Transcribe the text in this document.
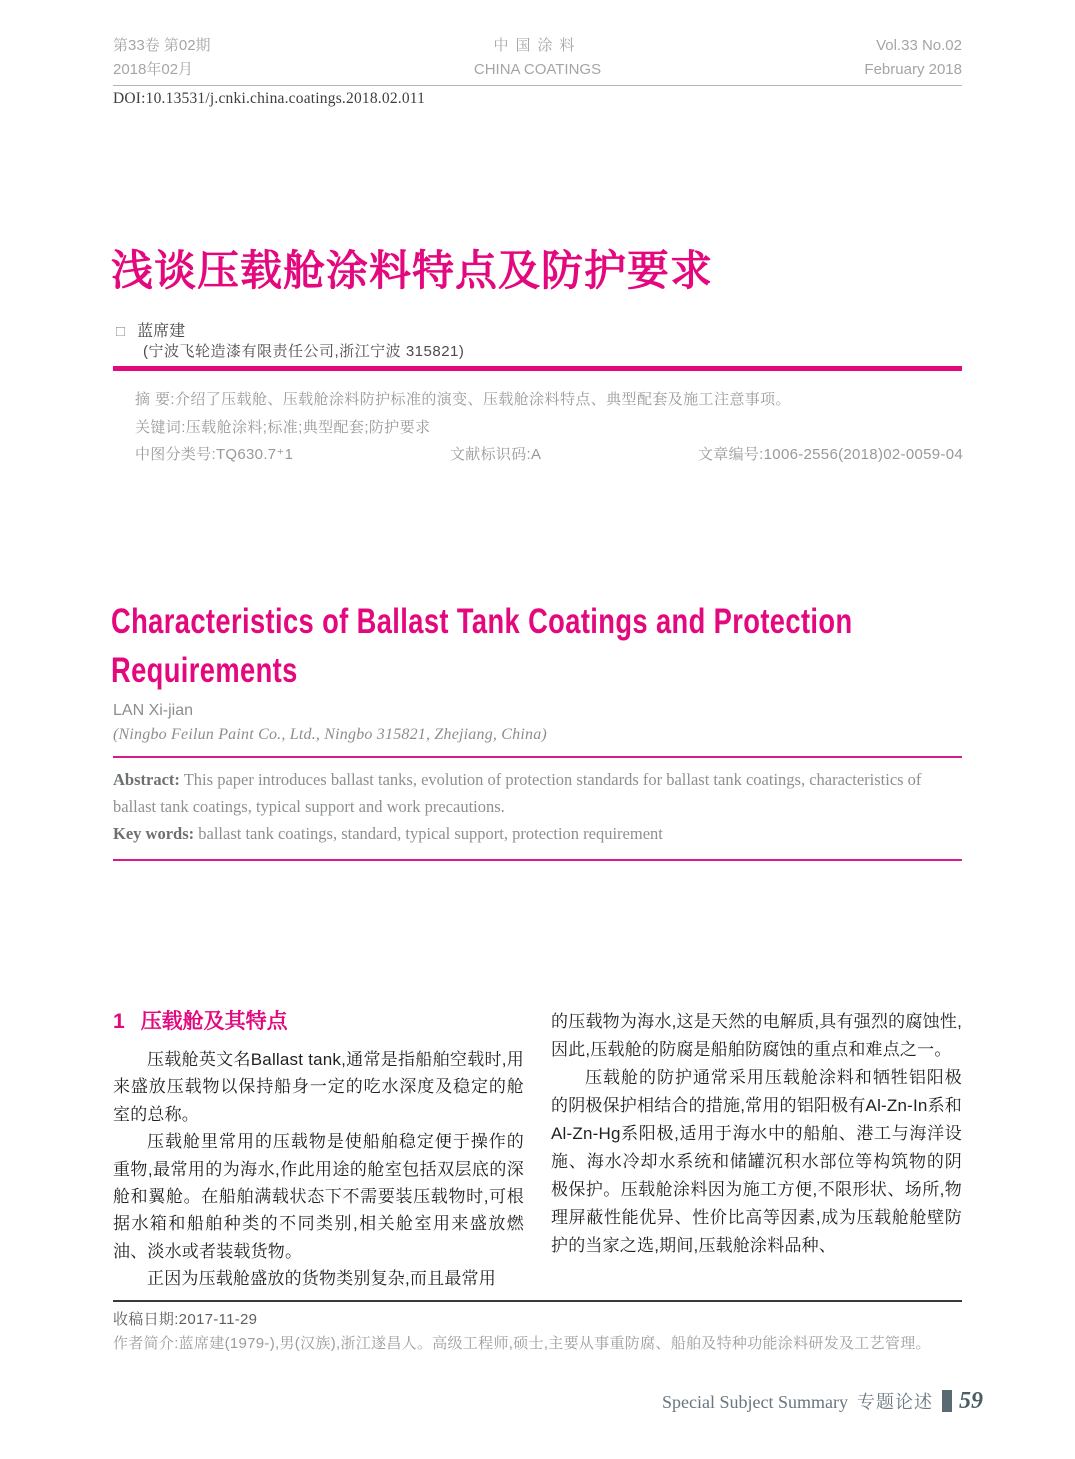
第33卷 第02期
2018年02月
中国涂料
CHINA COATINGS
Vol.33 No.02
February 2018
DOI:10.13531/j.cnki.china.coatings.2018.02.011
浅谈压载舱涂料特点及防护要求
□ 蓝席建
(宁波飞轮造漆有限责任公司,浙江宁波 315821)
摘 要:介绍了压载舱、压载舱涂料防护标准的演变、压载舱涂料特点、典型配套及施工注意事项。
关键词:压载舱涂料;标准;典型配套;防护要求
中图分类号:TQ630.7⁺1	文献标识码:A	文章编号:1006-2556(2018)02-0059-04
Characteristics of Ballast Tank Coatings and Protection
Requirements
LAN Xi-jian
(Ningbo Feilun Paint Co., Ltd., Ningbo 315821, Zhejiang, China)

Abstract: This paper introduces ballast tanks, evolution of protection standards for ballast tank coatings, characteristics of ballast tank coatings, typical support and work precautions.

Key words: ballast tank coatings, standard, typical support, protection requirement

1 压载舱及其特点

压载舱英文名Ballast tank,通常是指船舶空载时,用来盛放压载物以保持船身一定的吃水深度及稳定的舱室的总称。

压载舱里常用的压载物是使船舶稳定便于操作的重物,最常用的为海水,作此用途的舱室包括双层底的深舱和翼舱。在船舶满载状态下不需要装压载物时,可根据水箱和船舶种类的不同类别,相关舱室用来盛放燃油、淡水或者装载货物。

正因为压载舱盛放的货物类别复杂,而且最常用

的压载物为海水,这是天然的电解质,具有强烈的腐蚀性,因此,压载舱的防腐是船舶防腐蚀的重点和难点之一。

压载舱的防护通常采用压载舱涂料和牺牲铝阳极的阴极保护相结合的措施,常用的铝阳极有Al-Zn-In系和Al-Zn-Hg系阳极,适用于海水中的船舶、港工与海洋设施、海水冷却水系统和储罐沉积水部位等构筑物的阴极保护。压载舱涂料因为施工方便,不限形状、场所,物理屏蔽性能优异、性价比高等因素,成为压载舱舱壁防护的当家之选,期间,压载舱涂料品种、

收稿日期:2017-11-29
作者简介:蓝席建(1979-),男(汉族),浙江遂昌人。高级工程师,硕士,主要从事重防腐、船舶及特种功能涂料研发及工艺管理。
Special Subject Summary 专题论述 59
